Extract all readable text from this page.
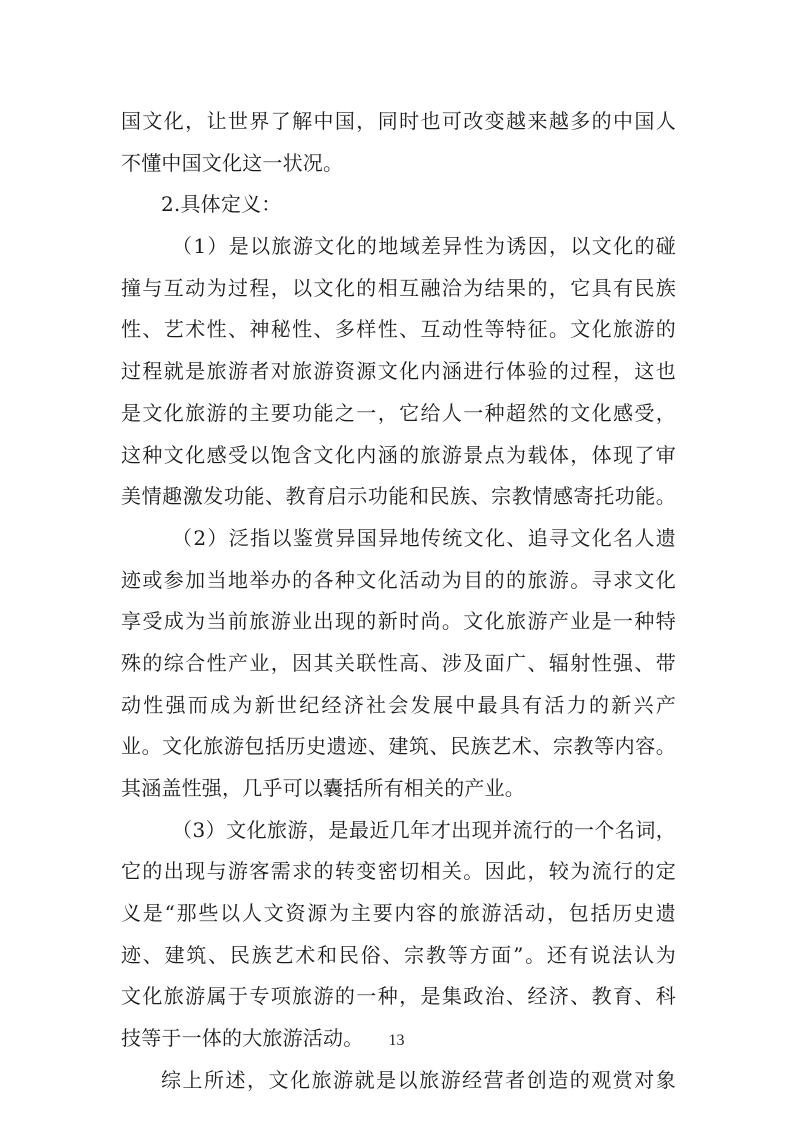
国文化，让世界了解中国，同时也可改变越来越多的中国人
不懂中国文化这一状况。
2.具体定义：
（1）是以旅游文化的地域差异性为诱因，以文化的碰
撞与互动为过程，以文化的相互融洽为结果的，它具有民族
性、艺术性、神秘性、多样性、互动性等特征。文化旅游的
过程就是旅游者对旅游资源文化内涵进行体验的过程，这也
是文化旅游的主要功能之一，它给人一种超然的文化感受，
这种文化感受以饱含文化内涵的旅游景点为载体，体现了审
美情趣激发功能、教育启示功能和民族、宗教情感寄托功能。
（2）泛指以鉴赏异国异地传统文化、追寻文化名人遗
迹或参加当地举办的各种文化活动为目的的旅游。寻求文化
享受成为当前旅游业出现的新时尚。文化旅游产业是一种特
殊的综合性产业，因其关联性高、涉及面广、辐射性强、带
动性强而成为新世纪经济社会发展中最具有活力的新兴产
业。文化旅游包括历史遗迹、建筑、民族艺术、宗教等内容。
其涵盖性强，几乎可以囊括所有相关的产业。
（3）文化旅游，是最近几年才出现并流行的一个名词，
它的出现与游客需求的转变密切相关。因此，较为流行的定
义是“那些以人文资源为主要内容的旅游活动，包括历史遗
迹、建筑、民族艺术和民俗、宗教等方面”。还有说法认为
文化旅游属于专项旅游的一种，是集政治、经济、教育、科
技等于一体的大旅游活动。
综上所述，文化旅游就是以旅游经营者创造的观赏对象
13
